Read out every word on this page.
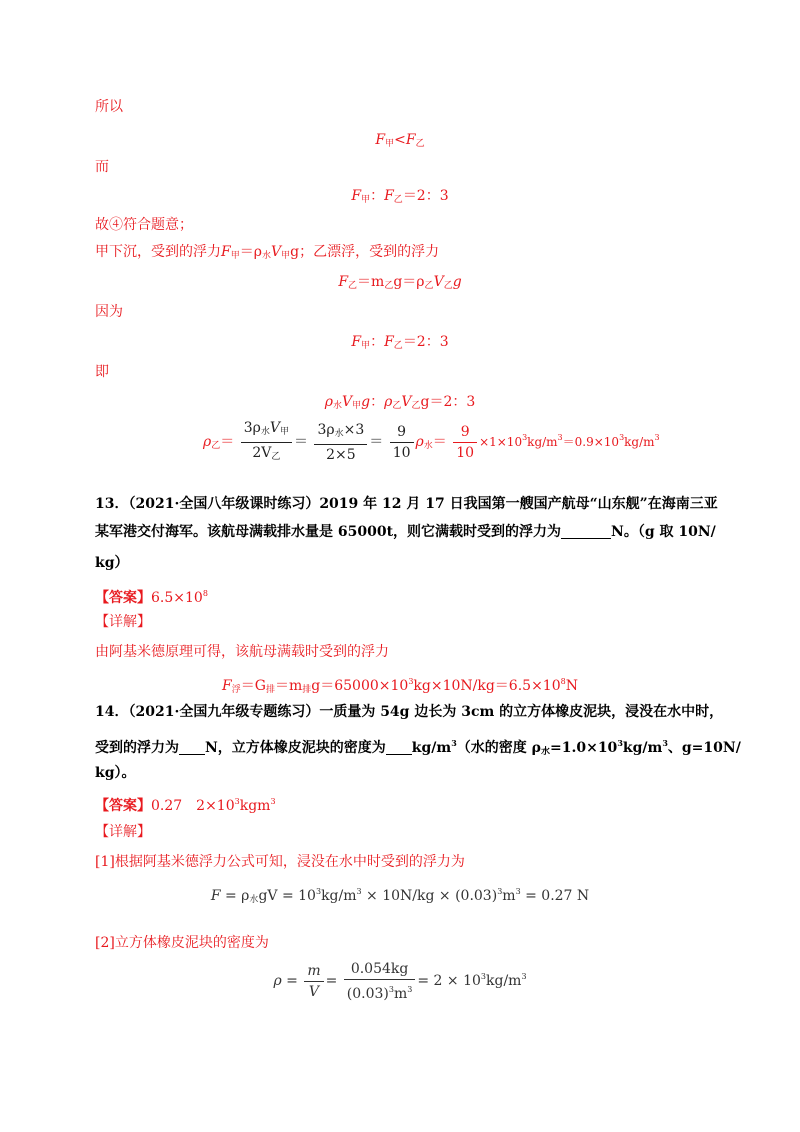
所以
$F_甲<F_乙$
而
$F_甲$：$F_乙=2$：3
故④符合题意；
甲下沉，受到的浮力$F_甲=\rho_水V_甲g$；乙漂浮，受到的浮力
$F_乙=m_乙g=\rho_乙V_乙g$
因为
$F_甲$：$F_乙=2$：3
即
$\rho_水V_甲g$：$\rho_乙V_乙g=2$：3
$\rho_乙= \frac{3\rho_水V_甲}{2V_乙} = \frac{3\rho_水\times 3}{2\times 5} = \frac{9}{10} \rho_水= \frac{9}{10} \times 1\times 10^3kg/m^3=0.9\times 10^3kg/m^3$
13．（2021·全国八年级课时练习）2019 年 12 月 17 日我国第一艘国产航母“山东舰”在海南三亚
某军港交付海军。该航母满载排水量是 65000t，则它满载时受到的浮力为	N。（g 取 10N/
kg）
【答案】$6.5\times 10^8$
【详解】
由阿基米德原理可得，该航母满载时受到的浮力
$F_浮=G_排=m_排g=65000\times 10^3kg\times 10N/kg=6.5\times 10^8N$
14．（2021·全国九年级专题练习）一质量为 54g 边长为 3cm 的立方体橡皮泥块，浸没在水中时，
受到的浮力为 N，立方体橡皮泥块的密度为 $kg/m^3$（水的密度 $\rho_水=1.0\times 10^3kg/m^3$、g=10N/
kg）。
【答案】0.27　$2\times 10^3kgm^3$
【详解】
[1]根据阿基米德浮力公式可知，浸没在水中时受到的浮力为
$F = \rho_水gV = 10^3kg/m^3 \times 10N/kg \times (0.03)^3m^3 = 0.27$ N
[2]立方体橡皮泥块的密度为
$\rho = \frac{m}{V} = \frac{0.054kg}{(0.03)^3m^3} = 2 \times 10^3kg/m^3$
